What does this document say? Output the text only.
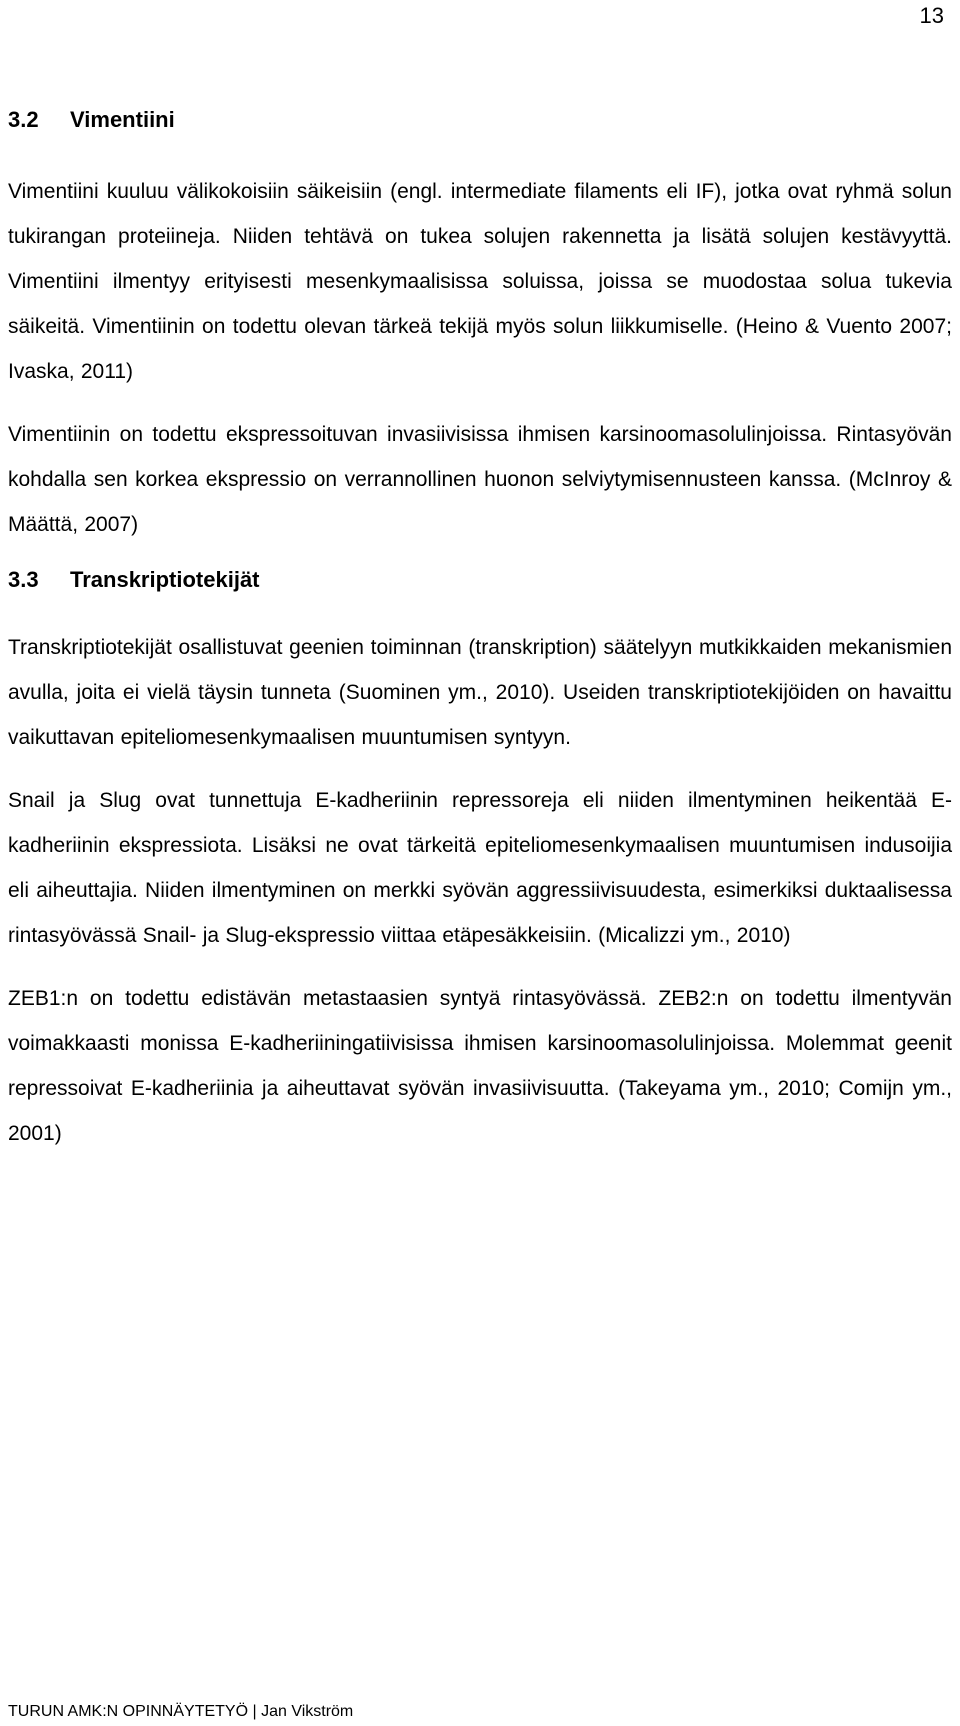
13
3.2 Vimentiini

Vimentiini kuuluu välikokoisiin säikeisiin (engl. intermediate filaments eli IF), jotka ovat ryhmä solun tukirangan proteiineja. Niiden tehtävä on tukea solujen rakennetta ja lisätä solujen kestävyyttä. Vimentiini ilmentyy erityisesti mesenkymaalisissa soluissa, joissa se muodostaa solua tukevia säikeitä. Vimentiinin on todettu olevan tärkeä tekijä myös solun liikkumiselle. (Heino & Vuento 2007; Ivaska, 2011)

Vimentiinin on todettu ekspressoituvan invasiivisissa ihmisen karsinoomasolulinjoissa. Rintasyövän kohdalla sen korkea ekspressio on verrannollinen huonon selviytymisennusteen kanssa. (McInroy & Määttä, 2007)

3.3 Transkriptiotekijät

Transkriptiotekijät osallistuvat geenien toiminnan (transkription) säätelyyn mutkikkaiden mekanismien avulla, joita ei vielä täysin tunneta (Suominen ym., 2010). Useiden transkriptiotekijöiden on havaittu vaikuttavan epiteliomesenkymaalisen muuntumisen syntyyn.

Snail ja Slug ovat tunnettuja E-kadheriinin repressoreja eli niiden ilmentyminen heikentää E-kadheriinin ekspressiota. Lisäksi ne ovat tärkeitä epiteliomesenkymaalisen muuntumisen indusoijia eli aiheuttajia. Niiden ilmentyminen on merkki syövän aggressiivisuudesta, esimerkiksi duktaalisessa rintasyövässä Snail- ja Slug-ekspressio viittaa etäpesäkkeisiin. (Micalizzi ym., 2010)

ZEB1:n on todettu edistävän metastaasien syntyä rintasyövässä. ZEB2:n on todettu ilmentyvän voimakkaasti monissa E-kadheriiningatiivisissa ihmisen karsinoomasolulinjoissa. Molemmat geenit repressoivat E-kadheriinia ja aiheuttavat syövän invasiivisuutta. (Takeyama ym., 2010; Comijn ym., 2001)

TURUN AMK:N OPINNÄYTETYÖ | Jan Vikström
